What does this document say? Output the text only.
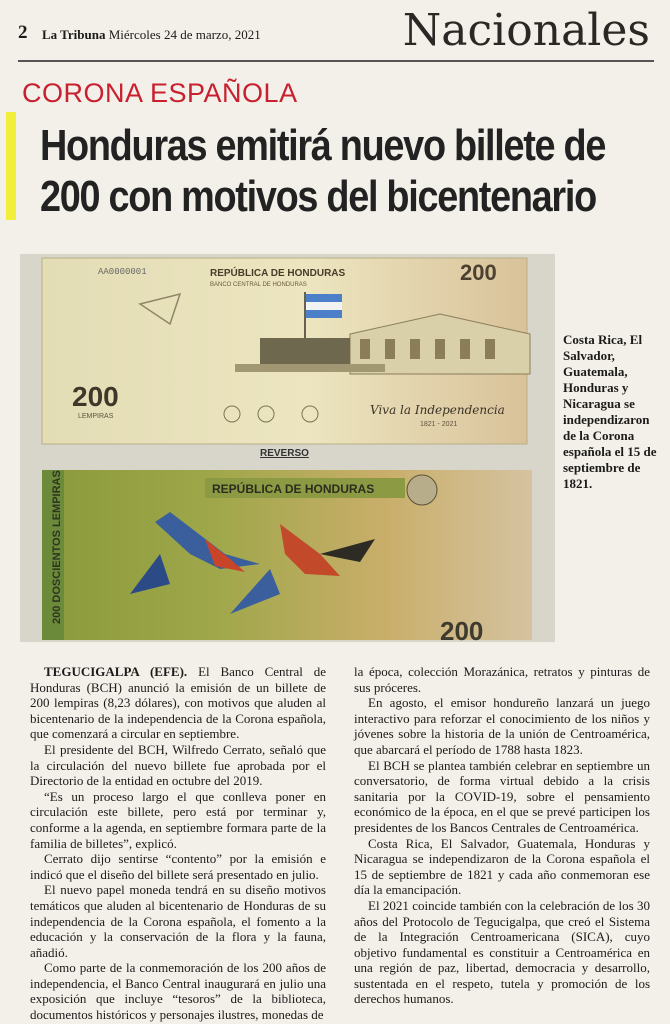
2 La Tribuna Miércoles 24 de marzo, 2021	Nacionales
CORONA ESPAÑOLA
Honduras emitirá nuevo billete de
200 con motivos del bicentenario
AA0000001	REPÚBLICA DE HONDURAS
BANCO CENTRAL DE HONDURAS	200
200
LEMPIRAS	Viva la Independencia
1821 - 2021
REVERSO
200 DOSCIENTOS LEMPIRAS	REPÚBLICA DE HONDURAS
200
Costa Rica, El Salvador, Guatemala, Honduras y Nicaragua se independizaron de la Corona española el 15 de septiembre de 1821.

TEGUCIGALPA (EFE). El Banco Central de Honduras (BCH) anunció la emisión de un billete de 200 lempiras (8,23 dólares), con motivos que aluden al bicentenario de la independencia de la Corona española, que comenzará a circular en septiembre.

El presidente del BCH, Wilfredo Cerrato, señaló que la circulación del nuevo billete fue aprobada por el Directorio de la entidad en octubre del 2019.

“Es un proceso largo el que conlleva poner en circulación este billete, pero está por terminar y, conforme a la agenda, en septiembre formara parte de la familia de billetes”, explicó.

Cerrato dijo sentirse “contento” por la emisión e indicó que el diseño del billete será presentado en julio.

El nuevo papel moneda tendrá en su diseño motivos temáticos que aluden al bicentenario de Honduras de su independencia de la Corona española, el fomento a la educación y la conservación de la flora y la fauna, añadió.

Como parte de la conmemoración de los 200 años de independencia, el Banco Central inaugurará en julio una exposición que incluye “tesoros” de la biblioteca, documentos históricos y personajes ilustres, monedas de

la época, colección Morazánica, retratos y pinturas de sus próceres.

En agosto, el emisor hondureño lanzará un juego interactivo para reforzar el conocimiento de los niños y jóvenes sobre la historia de la unión de Centroamérica, que abarcará el período de 1788 hasta 1823.

El BCH se plantea también celebrar en septiembre un conversatorio, de forma virtual debido a la crisis sanitaria por la COVID-19, sobre el pensamiento económico de la época, en el que se prevé participen los presidentes de los Bancos Centrales de Centroamérica.

Costa Rica, El Salvador, Guatemala, Honduras y Nicaragua se independizaron de la Corona española el 15 de septiembre de 1821 y cada año conmemoran ese día la emancipación.

El 2021 coincide también con la celebración de los 30 años del Protocolo de Tegucigalpa, que creó el Sistema de la Integración Centroamericana (SICA), cuyo objetivo fundamental es constituir a Centroamérica en una región de paz, libertad, democracia y desarrollo, sustentada en el respeto, tutela y promoción de los derechos humanos.
